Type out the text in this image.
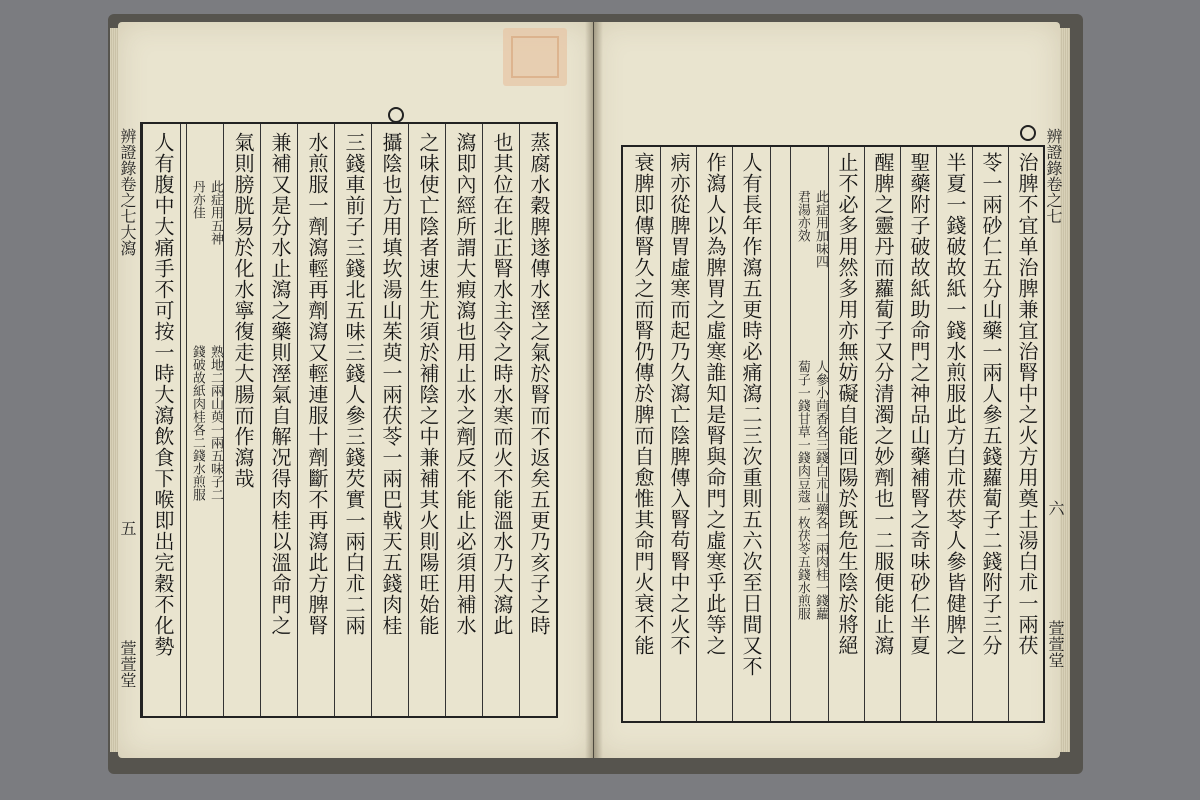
辨證錄卷之七大瀉
五
萱萱堂
蒸腐水穀脾遂傳水溼之氣於腎而不返矣五更乃亥子之時
也其位在北正腎水主令之時水寒而火不能溫水乃大瀉此
瀉即內經所謂大瘕瀉也用止水之劑反不能止必須用補水
之味使亡陰者速生尤須於補陰之中兼補其火則陽旺始能
攝陰也方用填坎湯山茱萸一兩茯苓一兩巴戟天五錢肉桂
三錢車前子三錢北五味三錢人參三錢芡實一兩白朮二兩
水煎服一劑瀉輕再劑瀉又輕連服十劑斷不再瀉此方脾腎
兼補又是分水止瀉之藥則溼氣自解况得肉桂以溫命門之
氣則膀胱易於化水寧復走大腸而作瀉哉
此症用五神
丹亦佳
熟地二兩山萸一兩五味子二
錢破故紙肉桂各二錢水煎服
人有腹中大痛手不可按一時大瀉飲食下喉即出完穀不化勢	辨證錄卷之七
六
萱萱堂
治脾不宜单治脾兼宜治腎中之火方用奠土湯白朮一兩茯
苓一兩砂仁五分山藥一兩人參五錢蘿蔔子二錢附子三分
半夏一錢破故紙一錢水煎服此方白朮茯苓人參皆健脾之
聖藥附子破故紙助命門之神品山藥補腎之奇味砂仁半夏
醒脾之靈丹而蘿蔔子又分清濁之妙劑也一二服便能止瀉
止不必多用然多用亦無妨礙自能回陽於旣危生陰於將絕
此症用加味四
君湯亦效
人參小茴香各三錢白朮山藥各一兩肉桂一錢蘿
蔔子一錢甘草一錢肉豆蔻一枚茯苓五錢水煎服
人有長年作瀉五更時必痛瀉二三次重則五六次至日間又不
作瀉人以為脾胃之虛寒誰知是腎與命門之虛寒乎此等之
病亦從脾胃虛寒而起乃久瀉亡陰脾傳入腎苟腎中之火不
衰脾即傳腎久之而腎仍傳於脾而自愈惟其命門火衰不能
